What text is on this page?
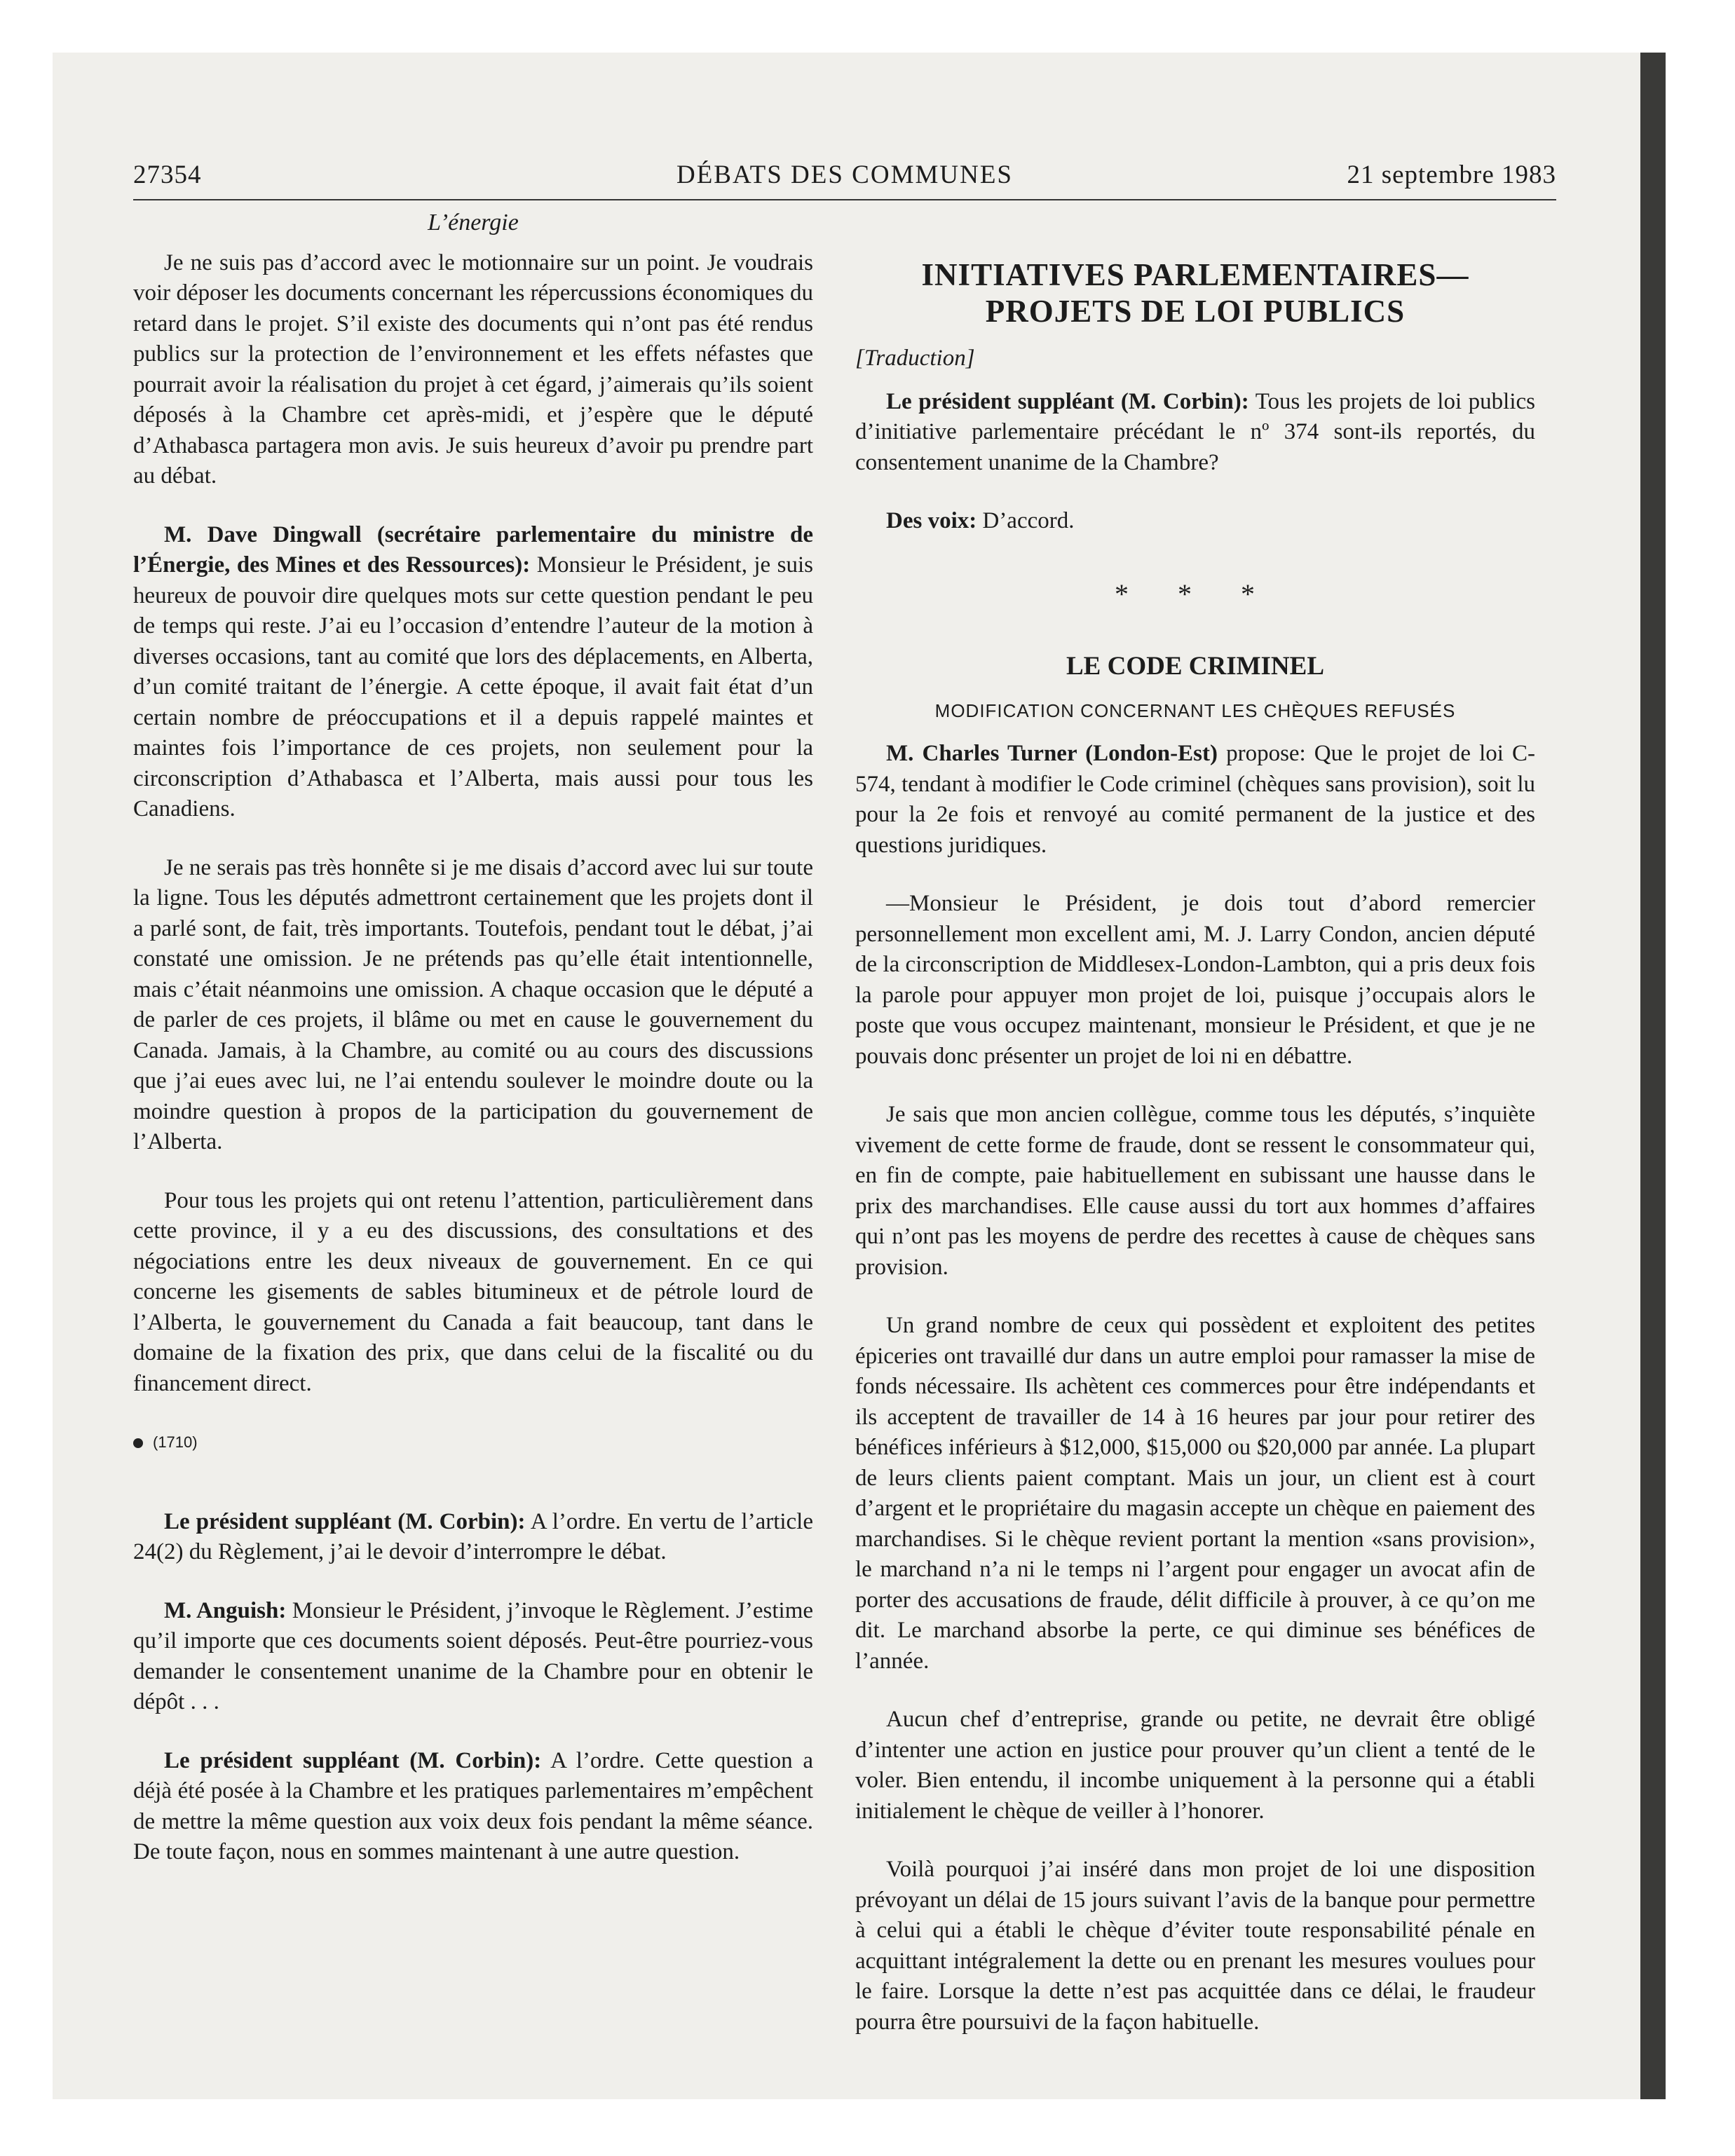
27354	DÉBATS DES COMMUNES	21 septembre 1983
L’énergie

Je ne suis pas d’accord avec le motionnaire sur un point. Je voudrais voir déposer les documents concernant les répercussions économiques du retard dans le projet. S’il existe des documents qui n’ont pas été rendus publics sur la protection de l’environnement et les effets néfastes que pourrait avoir la réalisation du projet à cet égard, j’aimerais qu’ils soient déposés à la Chambre cet après-midi, et j’espère que le député d’Athabasca partagera mon avis. Je suis heureux d’avoir pu prendre part au débat.

M. Dave Dingwall (secrétaire parlementaire du ministre de l’Énergie, des Mines et des Ressources): Monsieur le Président, je suis heureux de pouvoir dire quelques mots sur cette question pendant le peu de temps qui reste. J’ai eu l’occasion d’entendre l’auteur de la motion à diverses occasions, tant au comité que lors des déplacements, en Alberta, d’un comité traitant de l’énergie. A cette époque, il avait fait état d’un certain nombre de préoccupations et il a depuis rappelé maintes et maintes fois l’importance de ces projets, non seulement pour la circonscription d’Athabasca et l’Alberta, mais aussi pour tous les Canadiens.

Je ne serais pas très honnête si je me disais d’accord avec lui sur toute la ligne. Tous les députés admettront certainement que les projets dont il a parlé sont, de fait, très importants. Toutefois, pendant tout le débat, j’ai constaté une omission. Je ne prétends pas qu’elle était intentionnelle, mais c’était néanmoins une omission. A chaque occasion que le député a de parler de ces projets, il blâme ou met en cause le gouvernement du Canada. Jamais, à la Chambre, au comité ou au cours des discussions que j’ai eues avec lui, ne l’ai entendu soulever le moindre doute ou la moindre question à propos de la participation du gouvernement de l’Alberta.

Pour tous les projets qui ont retenu l’attention, particulièrement dans cette province, il y a eu des discussions, des consultations et des négociations entre les deux niveaux de gouvernement. En ce qui concerne les gisements de sables bitumineux et de pétrole lourd de l’Alberta, le gouvernement du Canada a fait beaucoup, tant dans le domaine de la fixation des prix, que dans celui de la fiscalité ou du financement direct.

(1710)

Le président suppléant (M. Corbin): A l’ordre. En vertu de l’article 24(2) du Règlement, j’ai le devoir d’interrompre le débat.

M. Anguish: Monsieur le Président, j’invoque le Règlement. J’estime qu’il importe que ces documents soient déposés. Peut-être pourriez-vous demander le consentement unanime de la Chambre pour en obtenir le dépôt . . .

Le président suppléant (M. Corbin): A l’ordre. Cette question a déjà été posée à la Chambre et les pratiques parlementaires m’empêchent de mettre la même question aux voix deux fois pendant la même séance. De toute façon, nous en sommes maintenant à une autre question.

INITIATIVES PARLEMENTAIRES—
PROJETS DE LOI PUBLICS
[Traduction]

Le président suppléant (M. Corbin): Tous les projets de loi publics d’initiative parlementaire précédant le nº 374 sont-ils reportés, du consentement unanime de la Chambre?

Des voix: D’accord.

* * *
LE CODE CRIMINEL
MODIFICATION CONCERNANT LES CHÈQUES REFUSÉS

M. Charles Turner (London-Est) propose: Que le projet de loi C-574, tendant à modifier le Code criminel (chèques sans provision), soit lu pour la 2e fois et renvoyé au comité permanent de la justice et des questions juridiques.

—Monsieur le Président, je dois tout d’abord remercier personnellement mon excellent ami, M. J. Larry Condon, ancien député de la circonscription de Middlesex-London-Lambton, qui a pris deux fois la parole pour appuyer mon projet de loi, puisque j’occupais alors le poste que vous occupez maintenant, monsieur le Président, et que je ne pouvais donc présenter un projet de loi ni en débattre.

Je sais que mon ancien collègue, comme tous les députés, s’inquiète vivement de cette forme de fraude, dont se ressent le consommateur qui, en fin de compte, paie habituellement en subissant une hausse dans le prix des marchandises. Elle cause aussi du tort aux hommes d’affaires qui n’ont pas les moyens de perdre des recettes à cause de chèques sans provision.

Un grand nombre de ceux qui possèdent et exploitent des petites épiceries ont travaillé dur dans un autre emploi pour ramasser la mise de fonds nécessaire. Ils achètent ces commerces pour être indépendants et ils acceptent de travailler de 14 à 16 heures par jour pour retirer des bénéfices inférieurs à $12,000, $15,000 ou $20,000 par année. La plupart de leurs clients paient comptant. Mais un jour, un client est à court d’argent et le propriétaire du magasin accepte un chèque en paiement des marchandises. Si le chèque revient portant la mention «sans provision», le marchand n’a ni le temps ni l’argent pour engager un avocat afin de porter des accusations de fraude, délit difficile à prouver, à ce qu’on me dit. Le marchand absorbe la perte, ce qui diminue ses bénéfices de l’année.

Aucun chef d’entreprise, grande ou petite, ne devrait être obligé d’intenter une action en justice pour prouver qu’un client a tenté de le voler. Bien entendu, il incombe uniquement à la personne qui a établi initialement le chèque de veiller à l’honorer.

Voilà pourquoi j’ai inséré dans mon projet de loi une disposition prévoyant un délai de 15 jours suivant l’avis de la banque pour permettre à celui qui a établi le chèque d’éviter toute responsabilité pénale en acquittant intégralement la dette ou en prenant les mesures voulues pour le faire. Lorsque la dette n’est pas acquittée dans ce délai, le fraudeur pourra être poursuivi de la façon habituelle.
